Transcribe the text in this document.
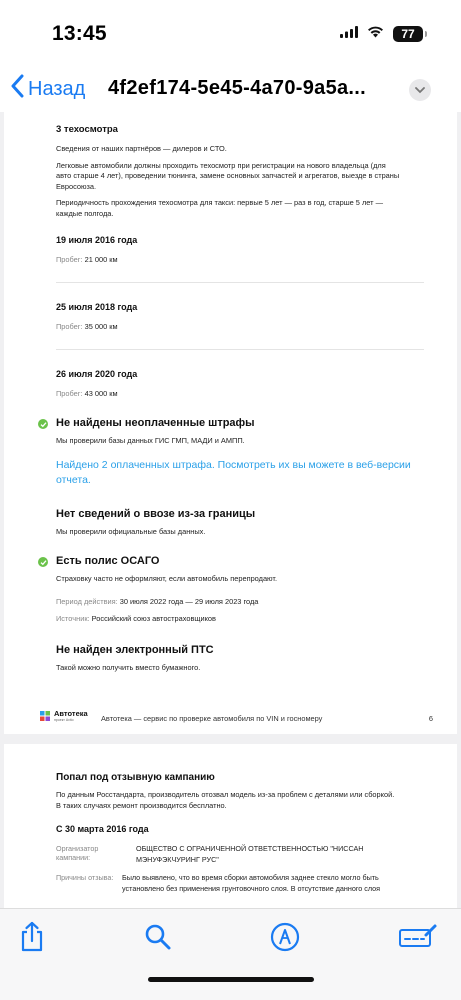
13:45	77
Назад 4f2ef174-5e45-4a70-9a5a...
3 техосмотра
Сведения от наших партнёров — дилеров и СТО.
Легковые автомобили должны проходить техосмотр при регистрации на нового владельца (для
авто старше 4 лет), проведении тюнинга, замене основных запчастей и агрегатов, выезде в страны
Евросоюза.
Периодичность прохождения техосмотра для такси: первые 5 лет — раз в год, старше 5 лет —
каждые полгода.
19 июля 2016 года
Пробег: 21 000 км
25 июля 2018 года
Пробег: 35 000 км
26 июля 2020 года
Пробег: 43 000 км
Не найдены неоплаченные штрафы
Мы проверили базы данных ГИС ГМП, МАДИ и АМПП.
Найдено 2 оплаченных штрафа. Посмотреть их вы можете в веб-версии
отчета.
Нет сведений о ввозе из-за границы
Мы проверили официальные базы данных.
Есть полис ОСАГО
Страховку часто не оформляют, если автомобиль перепродают.
Период действия: 30 июля 2022 года — 29 июля 2023 года
Источник: Российский союз автостраховщиков
Не найден электронный ПТС
Такой можно получить вместо бумажного.
Автотека
проект Avito	Автотека — сервис по проверке автомобиля по VIN и госномеру	6
Попал под отзывную кампанию
По данным Росстандарта, производитель отозвал модель из-за проблем с деталями или сборкой.
В таких случаях ремонт производится бесплатно.
С 30 марта 2016 года
Организатор кампании:
ОБЩЕСТВО С ОГРАНИЧЕННОЙ ОТВЕТСТВЕННОСТЬЮ "НИССАН
МЭНУФЭКЧУРИНГ РУС"
Причины отзыва:	Было выявлено, что во время сборки автомобиля заднее стекло могло быть
установлено без применения грунтовочного слоя. В отсутствие данного слоя
